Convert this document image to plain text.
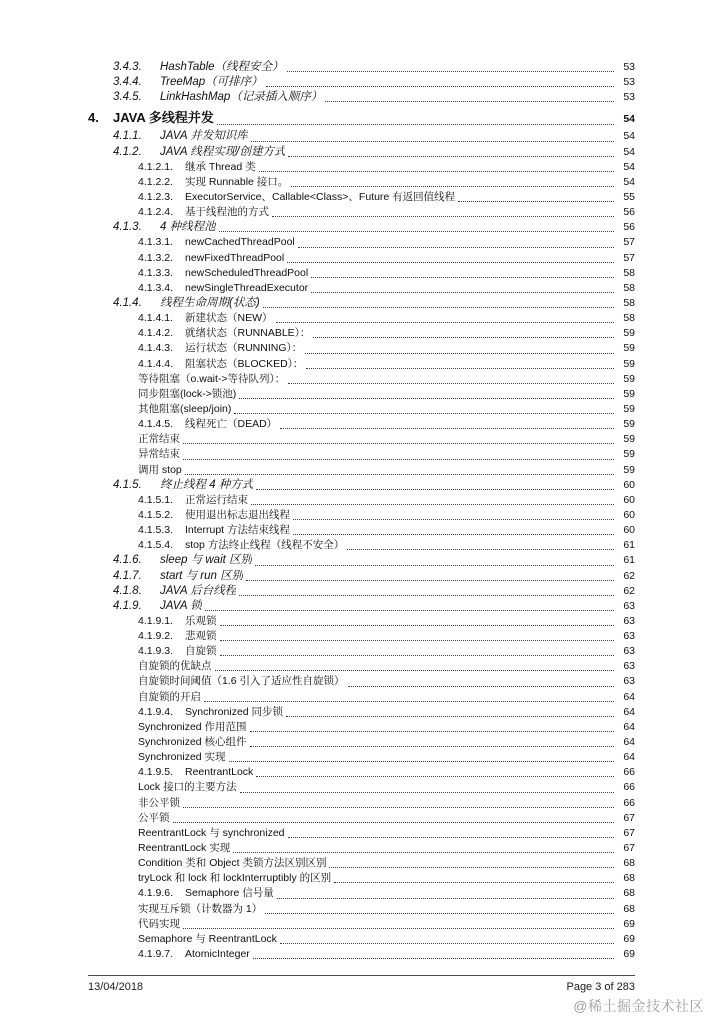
3.4.3.	HashTable（线程安全）	53
3.4.4.	TreeMap（可排序）	53
3.4.5.	LinkHashMap（记录插入顺序）	53
4.	JAVA 多线程并发	54
4.1.1.	JAVA 并发知识库	54
4.1.2.	JAVA 线程实现/创建方式	54
4.1.2.1.	继承 Thread 类	54
4.1.2.2.	实现 Runnable 接口。	54
4.1.2.3.	ExecutorService、Callable<Class>、Future 有返回值线程	55
4.1.2.4.	基于线程池的方式	56
4.1.3.	4 种线程池	56
4.1.3.1.	newCachedThreadPool	57
4.1.3.2.	newFixedThreadPool	57
4.1.3.3.	newScheduledThreadPool	58
4.1.3.4.	newSingleThreadExecutor	58
4.1.4.	线程生命周期(状态)	58
4.1.4.1.	新建状态（NEW）	58
4.1.4.2.	就绪状态（RUNNABLE）：	59
4.1.4.3.	运行状态（RUNNING）：	59
4.1.4.4.	阻塞状态（BLOCKED）：	59
等待阻塞（o.wait->等待队列）：	59
同步阻塞(lock->锁池)	59
其他阻塞(sleep/join)	59
4.1.4.5.	线程死亡（DEAD）	59
正常结束	59
异常结束	59
调用 stop	59
4.1.5.	终止线程 4 种方式	60
4.1.5.1.	正常运行结束	60
4.1.5.2.	使用退出标志退出线程	60
4.1.5.3.	Interrupt 方法结束线程	60
4.1.5.4.	stop 方法终止线程（线程不安全）	61
4.1.6.	sleep 与 wait 区别	61
4.1.7.	start 与 run 区别	62
4.1.8.	JAVA 后台线程	62
4.1.9.	JAVA 锁	63
4.1.9.1.	乐观锁	63
4.1.9.2.	悲观锁	63
4.1.9.3.	自旋锁	63
自旋锁的优缺点	63
自旋锁时间阈值（1.6 引入了适应性自旋锁）	63
自旋锁的开启	64
4.1.9.4.	Synchronized 同步锁	64
Synchronized 作用范围	64
Synchronized 核心组件	64
Synchronized 实现	64
4.1.9.5.	ReentrantLock	66
Lock 接口的主要方法	66
非公平锁	66
公平锁	67
ReentrantLock 与 synchronized	67
ReentrantLock 实现	67
Condition 类和 Object 类锁方法区别区别	68
tryLock 和 lock 和 lockInterruptibly 的区别	68
4.1.9.6.	Semaphore 信号量	68
实现互斥锁（计数器为 1）	68
代码实现	69
Semaphore 与 ReentrantLock	69
4.1.9.7.	AtomicInteger	69
13/04/2018	Page 3 of 283
@稀土掘金技术社区
